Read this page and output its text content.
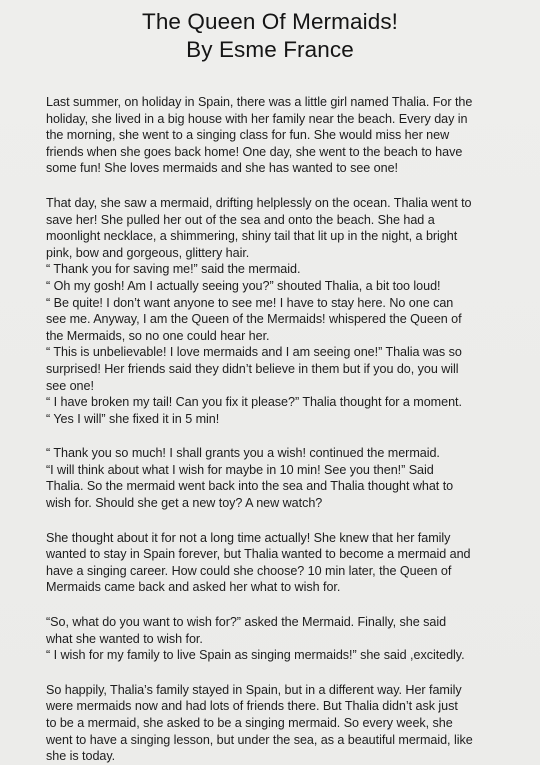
The Queen Of Mermaids!
By Esme France

Last summer, on holiday in Spain, there was a little girl named Thalia. For the
holiday, she lived in a big house with her family near the beach. Every day in
the morning, she went to a singing class for fun. She would miss her new
friends when she goes back home! One day, she went to the beach to have
some fun! She loves mermaids and she has wanted to see one!

That day, she saw a mermaid, drifting helplessly on the ocean. Thalia went to
save her! She pulled her out of the sea and onto the beach. She had a
moonlight necklace, a shimmering, shiny tail that lit up in the night, a bright
pink, bow and gorgeous, glittery hair.
“ Thank you for saving me!” said the mermaid.
“ Oh my gosh! Am I actually seeing you?” shouted Thalia, a bit too loud!
“ Be quite! I don’t want anyone to see me! I have to stay here. No one can
see me. Anyway, I am the Queen of the Mermaids! whispered the Queen of
the Mermaids, so no one could hear her.
“ This is unbelievable! I love mermaids and I am seeing one!” Thalia was so
surprised! Her friends said they didn’t believe in them but if you do, you will
see one!
“ I have broken my tail! Can you fix it please?” Thalia thought for a moment.
“ Yes I will” she fixed it in 5 min!

“ Thank you so much! I shall grants you a wish! continued the mermaid.
“I will think about what I wish for maybe in 10 min! See you then!” Said
Thalia. So the mermaid went back into the sea and Thalia thought what to
wish for. Should she get a new toy? A new watch?

She thought about it for not a long time actually! She knew that her family
wanted to stay in Spain forever, but Thalia wanted to become a mermaid and
have a singing career. How could she choose? 10 min later, the Queen of
Mermaids came back and asked her what to wish for.

“So, what do you want to wish for?” asked the Mermaid. Finally, she said
what she wanted to wish for.
“ I wish for my family to live Spain as singing mermaids!” she said ,excitedly.

So happily, Thalia’s family stayed in Spain, but in a different way. Her family
were mermaids now and had lots of friends there. But Thalia didn’t ask just
to be a mermaid, she asked to be a singing mermaid. So every week, she
went to have a singing lesson, but under the sea, as a beautiful mermaid, like
she is today.
